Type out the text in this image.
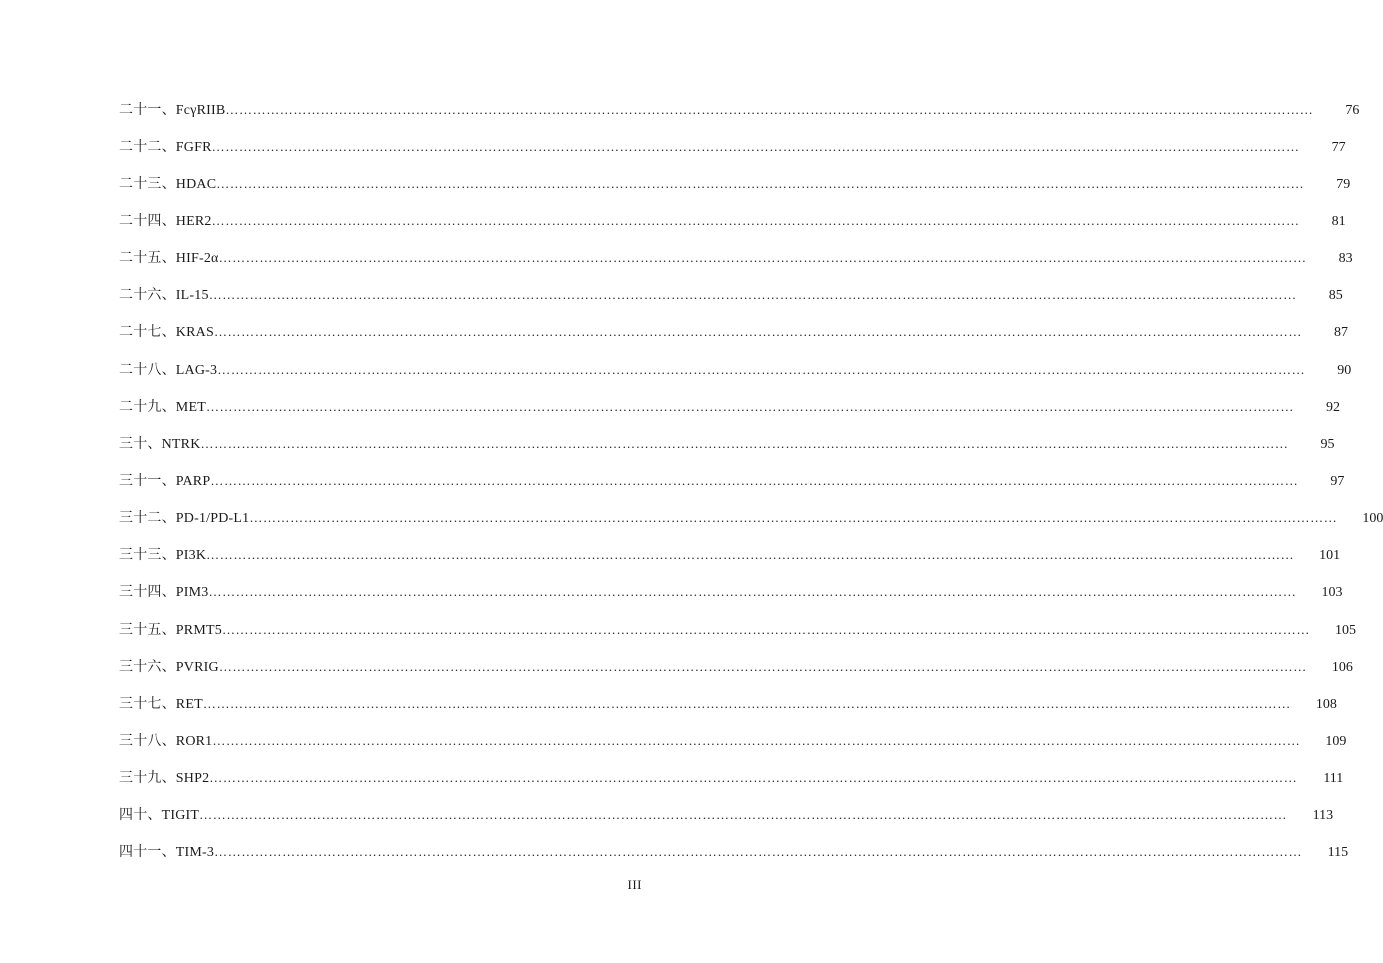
二十一、FcγRIIB ……………………………………………………………………………………………………………………………………………………………………………………………………………………	76
二十二、FGFR ……………………………………………………………………………………………………………………………………………………………………………………………………………………	77
二十三、HDAC ……………………………………………………………………………………………………………………………………………………………………………………………………………………	79
二十四、HER2 ……………………………………………………………………………………………………………………………………………………………………………………………………………………	81
二十五、HIF-2α ……………………………………………………………………………………………………………………………………………………………………………………………………………………	83
二十六、IL-15 ……………………………………………………………………………………………………………………………………………………………………………………………………………………	85
二十七、KRAS ……………………………………………………………………………………………………………………………………………………………………………………………………………………	87
二十八、LAG-3 ……………………………………………………………………………………………………………………………………………………………………………………………………………………	90
二十九、MET ……………………………………………………………………………………………………………………………………………………………………………………………………………………	92
三十、NTRK ……………………………………………………………………………………………………………………………………………………………………………………………………………………	95
三十一、PARP ……………………………………………………………………………………………………………………………………………………………………………………………………………………	97
三十二、PD-1/PD-L1 ……………………………………………………………………………………………………………………………………………………………………………………………………………………	100
三十三、PI3K ……………………………………………………………………………………………………………………………………………………………………………………………………………………	101
三十四、PIM3 ……………………………………………………………………………………………………………………………………………………………………………………………………………………	103
三十五、PRMT5 ……………………………………………………………………………………………………………………………………………………………………………………………………………………	105
三十六、PVRIG ……………………………………………………………………………………………………………………………………………………………………………………………………………………	106
三十七、RET ……………………………………………………………………………………………………………………………………………………………………………………………………………………	108
三十八、ROR1 ……………………………………………………………………………………………………………………………………………………………………………………………………………………	109
三十九、SHP2 ……………………………………………………………………………………………………………………………………………………………………………………………………………………	111
四十、TIGIT ……………………………………………………………………………………………………………………………………………………………………………………………………………………	113
四十一、TIM-3 ……………………………………………………………………………………………………………………………………………………………………………………………………………………	115
III
